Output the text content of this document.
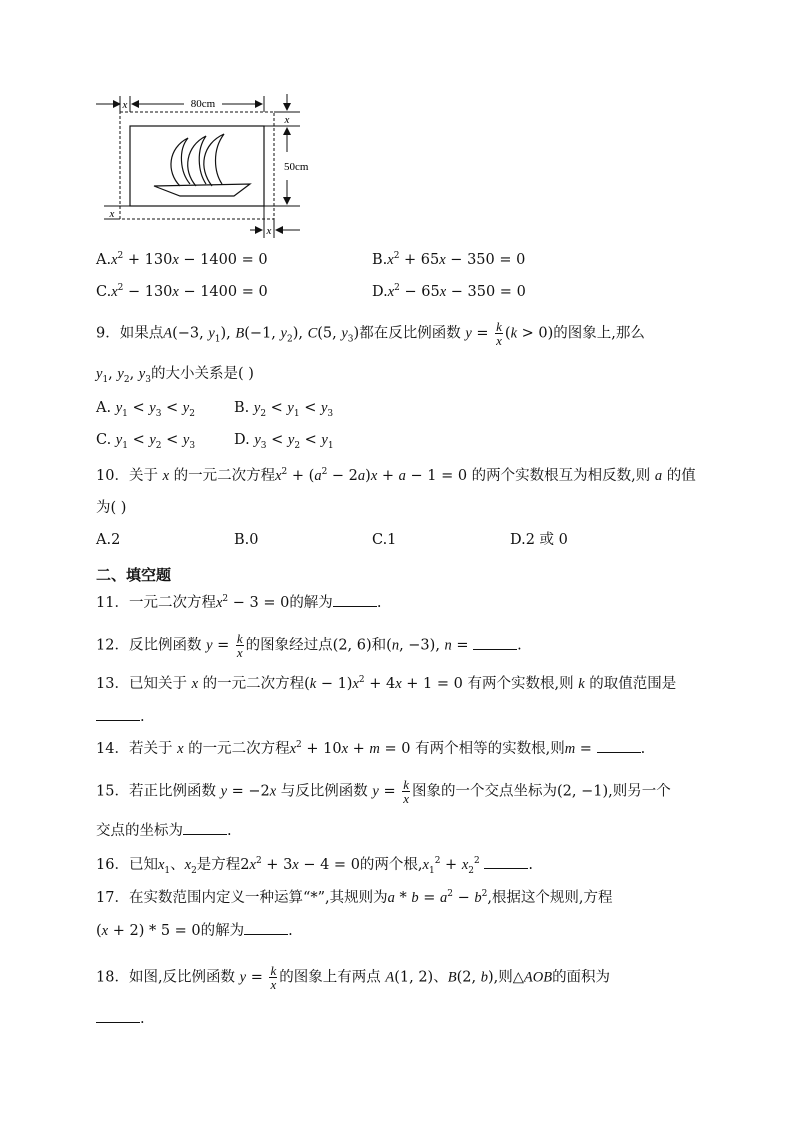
x	80cm
x
50cm
x
x
$A.x^2 + 130x - 1400 = 0$	$B.x^2 + 65x - 350 = 0$
$C.x^2 - 130x - 1400 = 0$	$D.x^2 - 65x - 350 = 0$
9．如果点A(−3, $y_1$), B(−1, $y_2$), C(5, $y_3$)都在反比例函数 $y = \frac{k}{x} (k > 0)$的图象上,那么
$y_1$, $y_2$, $y_3$的大小关系是( )
A. $y_1 < y_3 < y_2$	B. $y_2 < y_1 < y_3$
C. $y_1 < y_2 < y_3$	D. $y_3 < y_2 < y_1$
10．关于 x 的一元二次方程$x^2 + (a^2 - 2a)x + a - 1 = 0$ 的两个实数根互为相反数,则 a 的值
为( )
A.2	B.0	C.1	D.2 或 0
二、填空题
11．一元二次方程$x^2 - 3 = 0$的解为	.
12．反比例函数 $y = \frac{k}{x}$ 的图象经过点(2, 6)和(n, −3), n =	.
13．已知关于 x 的一元二次方程$(k - 1)x^2 + 4x + 1 = 0$ 有两个实数根,则 k 的取值范围是
.
14．若关于 x 的一元二次方程$x^2 + 10x + m = 0$ 有两个相等的实数根,则m =	.
15．若正比例函数 y = −2x 与反比例函数 $y = \frac{k}{x}$ 图象的一个交点坐标为(2, −1),则另一个
交点的坐标为	.
16．已知$x_1$、$x_2$是方程$2x^2 + 3x - 4 = 0$的两个根$,x_1^2 + x_2^2$	.
17．在实数范围内定义一种运算“*”,其规则为$a * b = a^2 - b^2$,根据这个规则,方程
(x + 2) * 5 = 0的解为	.
18．如图,反比例函数 $y = \frac{k}{x}$ 的图象上有两点 A(1, 2)、B(2, b),则△AOB的面积为
.
